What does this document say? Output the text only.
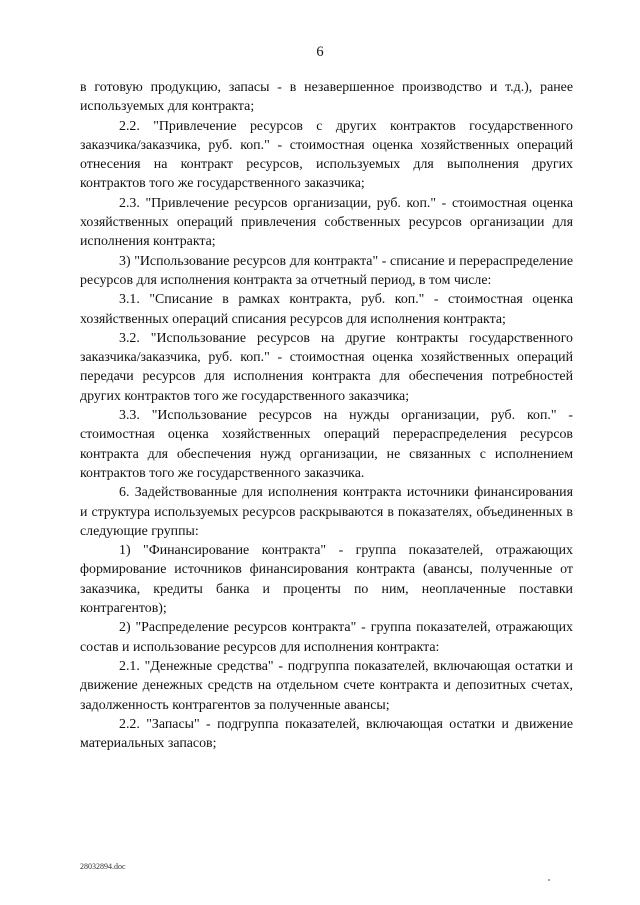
6

в готовую продукцию, запасы - в незавершенное производство и т.д.), ранее используемых для контракта;

2.2. "Привлечение ресурсов с других контрактов государственного заказчика/заказчика, руб. коп." - стоимостная оценка хозяйственных операций отнесения на контракт ресурсов, используемых для выполнения других контрактов того же государственного заказчика;

2.3. "Привлечение ресурсов организации, руб. коп." - стоимостная оценка хозяйственных операций привлечения собственных ресурсов организации для исполнения контракта;

3) "Использование ресурсов для контракта" - списание и перераспределение ресурсов для исполнения контракта за отчетный период, в том числе:

3.1. "Списание в рамках контракта, руб. коп." - стоимостная оценка хозяйственных операций списания ресурсов для исполнения контракта;

3.2. "Использование ресурсов на другие контракты государственного заказчика/заказчика, руб. коп." - стоимостная оценка хозяйственных операций передачи ресурсов для исполнения контракта для обеспечения потребностей других контрактов того же государственного заказчика;

3.3. "Использование ресурсов на нужды организации, руб. коп." - стоимостная оценка хозяйственных операций перераспределения ресурсов контракта для обеспечения нужд организации, не связанных с исполнением контрактов того же государственного заказчика.

6. Задействованные для исполнения контракта источники финансирования и структура используемых ресурсов раскрываются в показателях, объединенных в следующие группы:

1) "Финансирование контракта" - группа показателей, отражающих формирование источников финансирования контракта (авансы, полученные от заказчика, кредиты банка и проценты по ним, неоплаченные поставки контрагентов);

2) "Распределение ресурсов контракта" - группа показателей, отражающих состав и использование ресурсов для исполнения контракта:

2.1. "Денежные средства" - подгруппа показателей, включающая остатки и движение денежных средств на отдельном счете контракта и депозитных счетах, задолженность контрагентов за полученные авансы;

2.2. "Запасы" - подгруппа показателей, включающая остатки и движение материальных запасов;

28032894.doc
